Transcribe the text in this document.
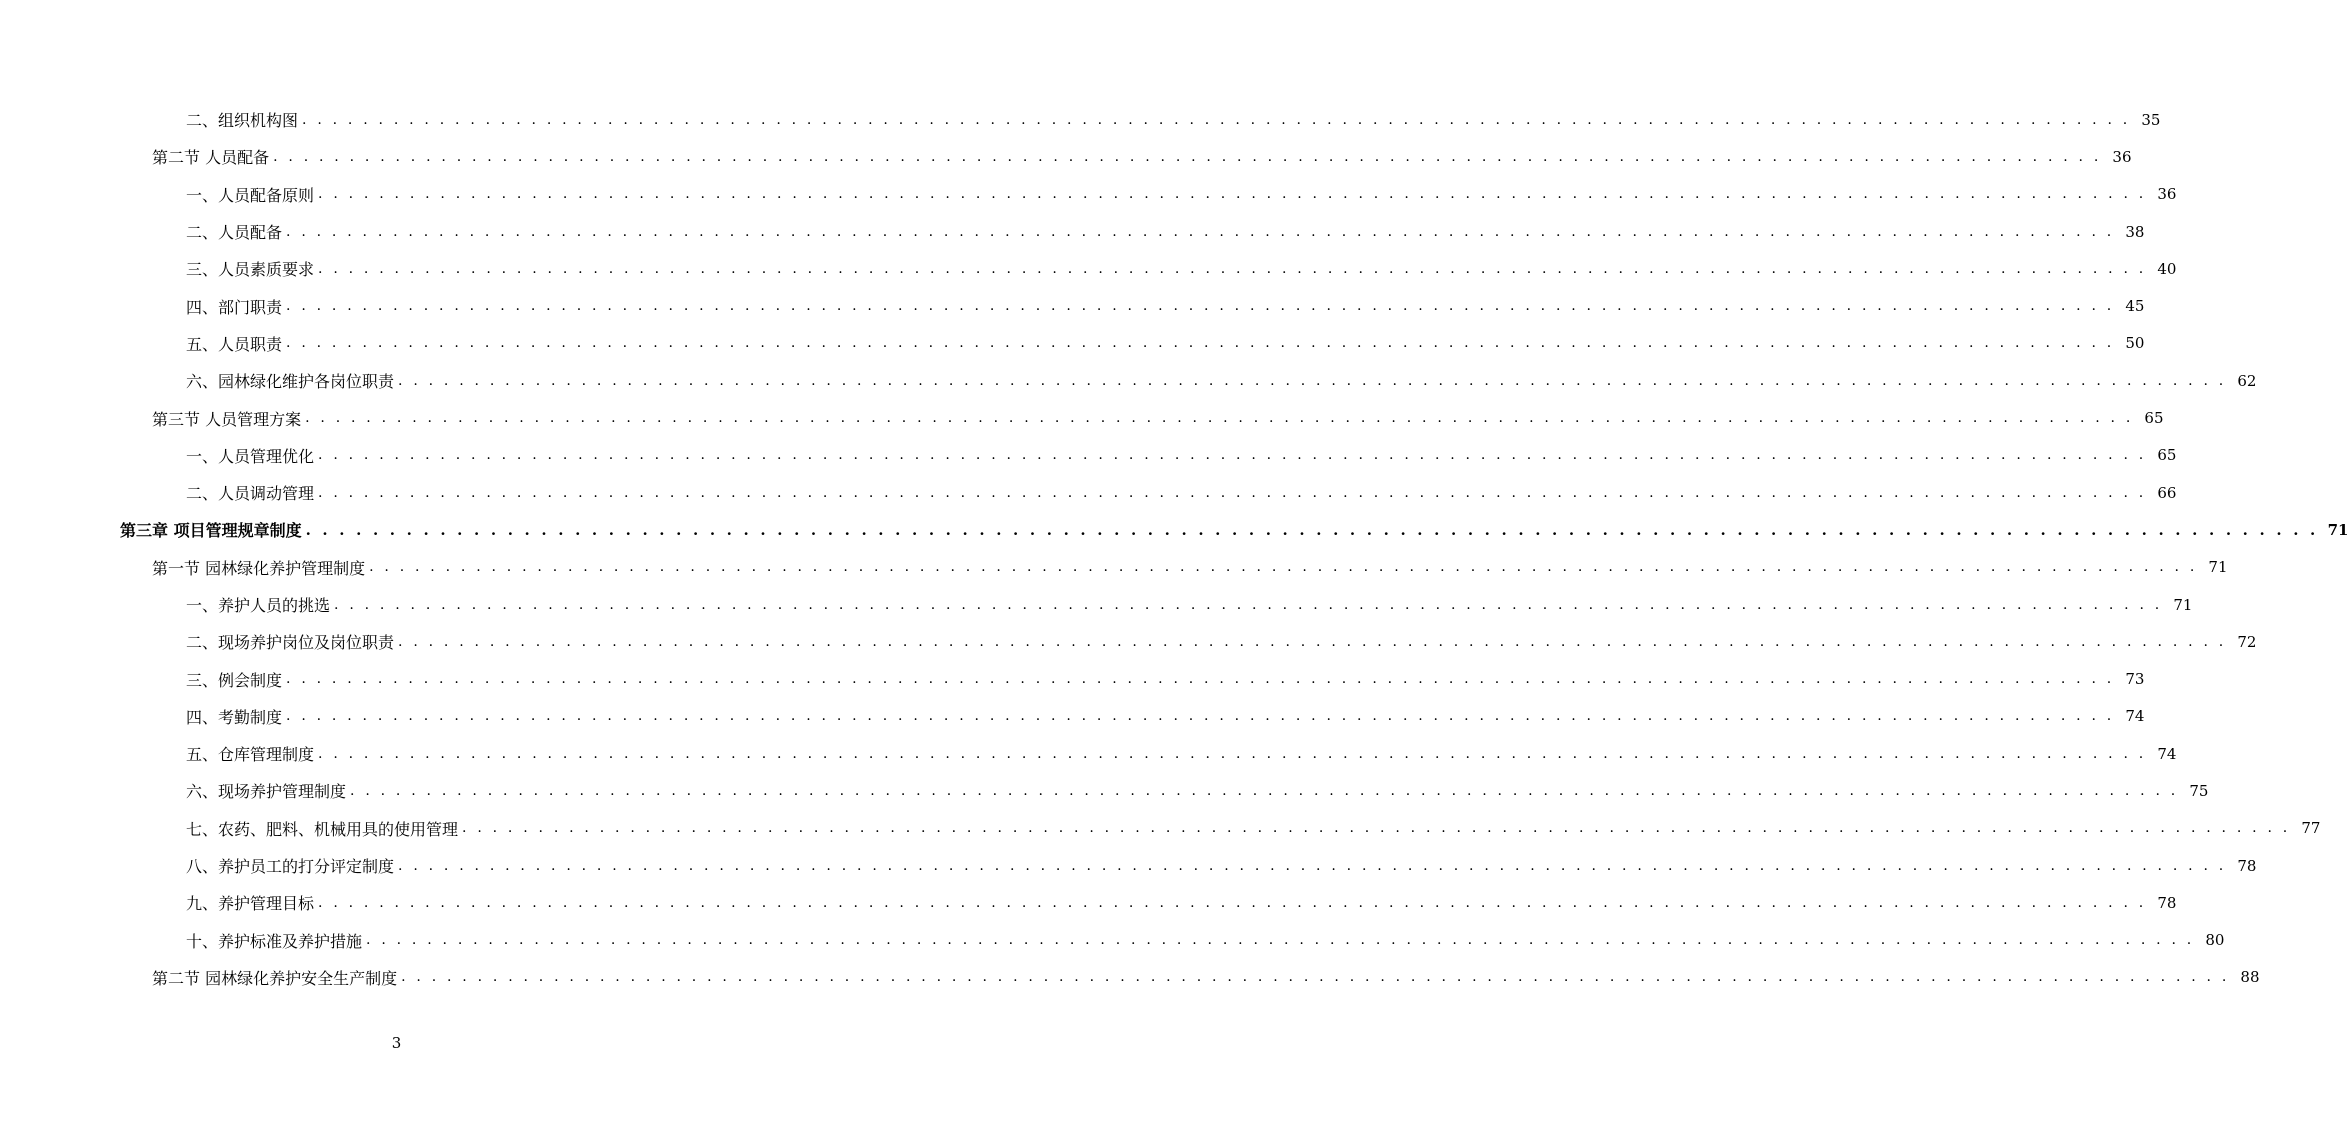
二、组织机构图 . . . . . . . . . . . . . . . . . . . . . . . . . . . . . . . . . . . . . . . . . . . . . . . . . . . . . . . . . . . . . . . . . . . . . . . . . . . . . . . . . . . . . . . . . . . . . . . . . . . . . . . . . . . . . . . . . . . . . . . . 35
第二节 人员配备 . . . . . . . . . . . . . . . . . . . . . . . . . . . . . . . . . . . . . . . . . . . . . . . . . . . . . . . . . . . . . . . . . . . . . . . . . . . . . . . . . . . . . . . . . . . . . . . . . . . . . . . . . . . . . . . . . . . . . . . . 36
一、人员配备原则 . . . . . . . . . . . . . . . . . . . . . . . . . . . . . . . . . . . . . . . . . . . . . . . . . . . . . . . . . . . . . . . . . . . . . . . . . . . . . . . . . . . . . . . . . . . . . . . . . . . . . . . . . . . . . . . . . . . . . . . . 36
二、人员配备 . . . . . . . . . . . . . . . . . . . . . . . . . . . . . . . . . . . . . . . . . . . . . . . . . . . . . . . . . . . . . . . . . . . . . . . . . . . . . . . . . . . . . . . . . . . . . . . . . . . . . . . . . . . . . . . . . . . . . . . . 38
三、人员素质要求 . . . . . . . . . . . . . . . . . . . . . . . . . . . . . . . . . . . . . . . . . . . . . . . . . . . . . . . . . . . . . . . . . . . . . . . . . . . . . . . . . . . . . . . . . . . . . . . . . . . . . . . . . . . . . . . . . . . . . . . . 40
四、部门职责 . . . . . . . . . . . . . . . . . . . . . . . . . . . . . . . . . . . . . . . . . . . . . . . . . . . . . . . . . . . . . . . . . . . . . . . . . . . . . . . . . . . . . . . . . . . . . . . . . . . . . . . . . . . . . . . . . . . . . . . . 45
五、人员职责 . . . . . . . . . . . . . . . . . . . . . . . . . . . . . . . . . . . . . . . . . . . . . . . . . . . . . . . . . . . . . . . . . . . . . . . . . . . . . . . . . . . . . . . . . . . . . . . . . . . . . . . . . . . . . . . . . . . . . . . . 50
六、园林绿化维护各岗位职责 . . . . . . . . . . . . . . . . . . . . . . . . . . . . . . . . . . . . . . . . . . . . . . . . . . . . . . . . . . . . . . . . . . . . . . . . . . . . . . . . . . . . . . . . . . . . . . . . . . . . . . . . . . . . . . . . . . . . . . . . 62
第三节 人员管理方案 . . . . . . . . . . . . . . . . . . . . . . . . . . . . . . . . . . . . . . . . . . . . . . . . . . . . . . . . . . . . . . . . . . . . . . . . . . . . . . . . . . . . . . . . . . . . . . . . . . . . . . . . . . . . . . . . . . . . . . . . 65
一、人员管理优化 . . . . . . . . . . . . . . . . . . . . . . . . . . . . . . . . . . . . . . . . . . . . . . . . . . . . . . . . . . . . . . . . . . . . . . . . . . . . . . . . . . . . . . . . . . . . . . . . . . . . . . . . . . . . . . . . . . . . . . . . 65
二、人员调动管理 . . . . . . . . . . . . . . . . . . . . . . . . . . . . . . . . . . . . . . . . . . . . . . . . . . . . . . . . . . . . . . . . . . . . . . . . . . . . . . . . . . . . . . . . . . . . . . . . . . . . . . . . . . . . . . . . . . . . . . . . 66
第三章 项目管理规章制度 . . . . . . . . . . . . . . . . . . . . . . . . . . . . . . . . . . . . . . . . . . . . . . . . . . . . . . . . . . . . . . . . . . . . . . . . . . . . . . . . . . . . . . . . . . . . . . . . . . . . . . . . . . . . . . . . . . . . . . . . 71
第一节 园林绿化养护管理制度 . . . . . . . . . . . . . . . . . . . . . . . . . . . . . . . . . . . . . . . . . . . . . . . . . . . . . . . . . . . . . . . . . . . . . . . . . . . . . . . . . . . . . . . . . . . . . . . . . . . . . . . . . . . . . . . . . . . . . . . . 71
一、养护人员的挑选 . . . . . . . . . . . . . . . . . . . . . . . . . . . . . . . . . . . . . . . . . . . . . . . . . . . . . . . . . . . . . . . . . . . . . . . . . . . . . . . . . . . . . . . . . . . . . . . . . . . . . . . . . . . . . . . . . . . . . . . . 71
二、现场养护岗位及岗位职责 . . . . . . . . . . . . . . . . . . . . . . . . . . . . . . . . . . . . . . . . . . . . . . . . . . . . . . . . . . . . . . . . . . . . . . . . . . . . . . . . . . . . . . . . . . . . . . . . . . . . . . . . . . . . . . . . . . . . . . . . 72
三、例会制度 . . . . . . . . . . . . . . . . . . . . . . . . . . . . . . . . . . . . . . . . . . . . . . . . . . . . . . . . . . . . . . . . . . . . . . . . . . . . . . . . . . . . . . . . . . . . . . . . . . . . . . . . . . . . . . . . . . . . . . . . 73
四、考勤制度 . . . . . . . . . . . . . . . . . . . . . . . . . . . . . . . . . . . . . . . . . . . . . . . . . . . . . . . . . . . . . . . . . . . . . . . . . . . . . . . . . . . . . . . . . . . . . . . . . . . . . . . . . . . . . . . . . . . . . . . . 74
五、仓库管理制度 . . . . . . . . . . . . . . . . . . . . . . . . . . . . . . . . . . . . . . . . . . . . . . . . . . . . . . . . . . . . . . . . . . . . . . . . . . . . . . . . . . . . . . . . . . . . . . . . . . . . . . . . . . . . . . . . . . . . . . . . 74
六、现场养护管理制度 . . . . . . . . . . . . . . . . . . . . . . . . . . . . . . . . . . . . . . . . . . . . . . . . . . . . . . . . . . . . . . . . . . . . . . . . . . . . . . . . . . . . . . . . . . . . . . . . . . . . . . . . . . . . . . . . . . . . . . . . 75
七、农药、肥料、机械用具的使用管理 . . . . . . . . . . . . . . . . . . . . . . . . . . . . . . . . . . . . . . . . . . . . . . . . . . . . . . . . . . . . . . . . . . . . . . . . . . . . . . . . . . . . . . . . . . . . . . . . . . . . . . . . . . . . . . . . . . . . . . . . 77
八、养护员工的打分评定制度 . . . . . . . . . . . . . . . . . . . . . . . . . . . . . . . . . . . . . . . . . . . . . . . . . . . . . . . . . . . . . . . . . . . . . . . . . . . . . . . . . . . . . . . . . . . . . . . . . . . . . . . . . . . . . . . . . . . . . . . . 78
九、养护管理目标 . . . . . . . . . . . . . . . . . . . . . . . . . . . . . . . . . . . . . . . . . . . . . . . . . . . . . . . . . . . . . . . . . . . . . . . . . . . . . . . . . . . . . . . . . . . . . . . . . . . . . . . . . . . . . . . . . . . . . . . . 78
十、养护标准及养护措施 . . . . . . . . . . . . . . . . . . . . . . . . . . . . . . . . . . . . . . . . . . . . . . . . . . . . . . . . . . . . . . . . . . . . . . . . . . . . . . . . . . . . . . . . . . . . . . . . . . . . . . . . . . . . . . . . . . . . . . . . 80
第二节 园林绿化养护安全生产制度 . . . . . . . . . . . . . . . . . . . . . . . . . . . . . . . . . . . . . . . . . . . . . . . . . . . . . . . . . . . . . . . . . . . . . . . . . . . . . . . . . . . . . . . . . . . . . . . . . . . . . . . . . . . . . . . . . . . . . . . . 88
3
